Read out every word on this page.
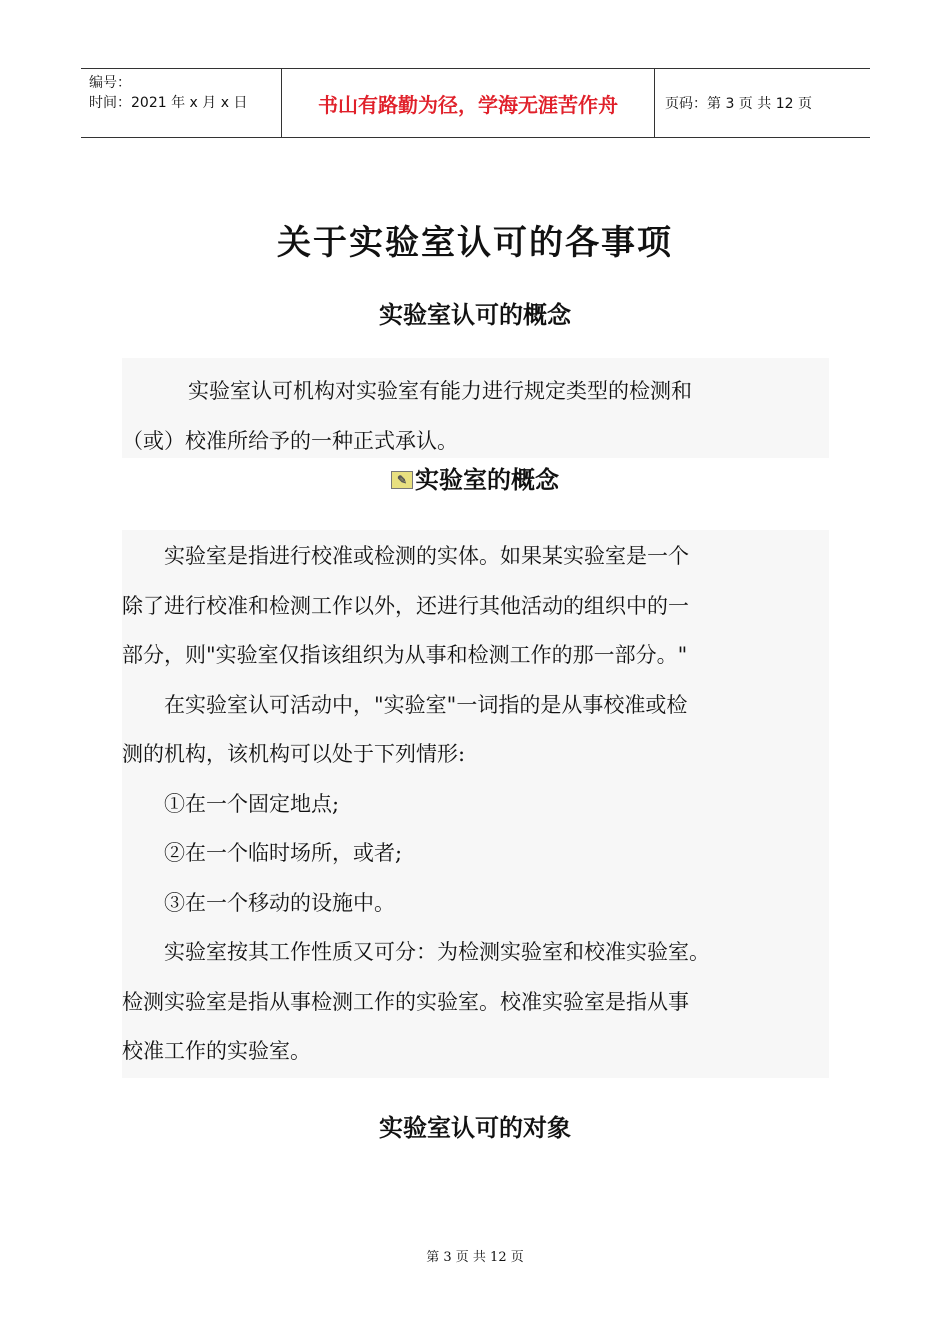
编号：
时间：2021 年 x 月 x 日	书山有路勤为径，学海无涯苦作舟	页码：第 3 页 共 12 页
关于实验室认可的各事项
实验室认可的概念

实验室认可机构对实验室有能力进行规定类型的检测和

（或）校准所给予的一种正式承认。

✎ 实验室的概念

实验室是指进行校准或检测的实体。如果某实验室是一个

除了进行校准和检测工作以外，还进行其他活动的组织中的一

部分，则"实验室仅指该组织为从事和检测工作的那一部分。"

在实验室认可活动中，"实验室"一词指的是从事校准或检

测的机构，该机构可以处于下列情形:

①在一个固定地点;

②在一个临时场所，或者;

③在一个移动的设施中。

实验室按其工作性质又可分：为检测实验室和校准实验室。

检测实验室是指从事检测工作的实验室。校准实验室是指从事

校准工作的实验室。

实验室认可的对象
第 3 页 共 12 页
